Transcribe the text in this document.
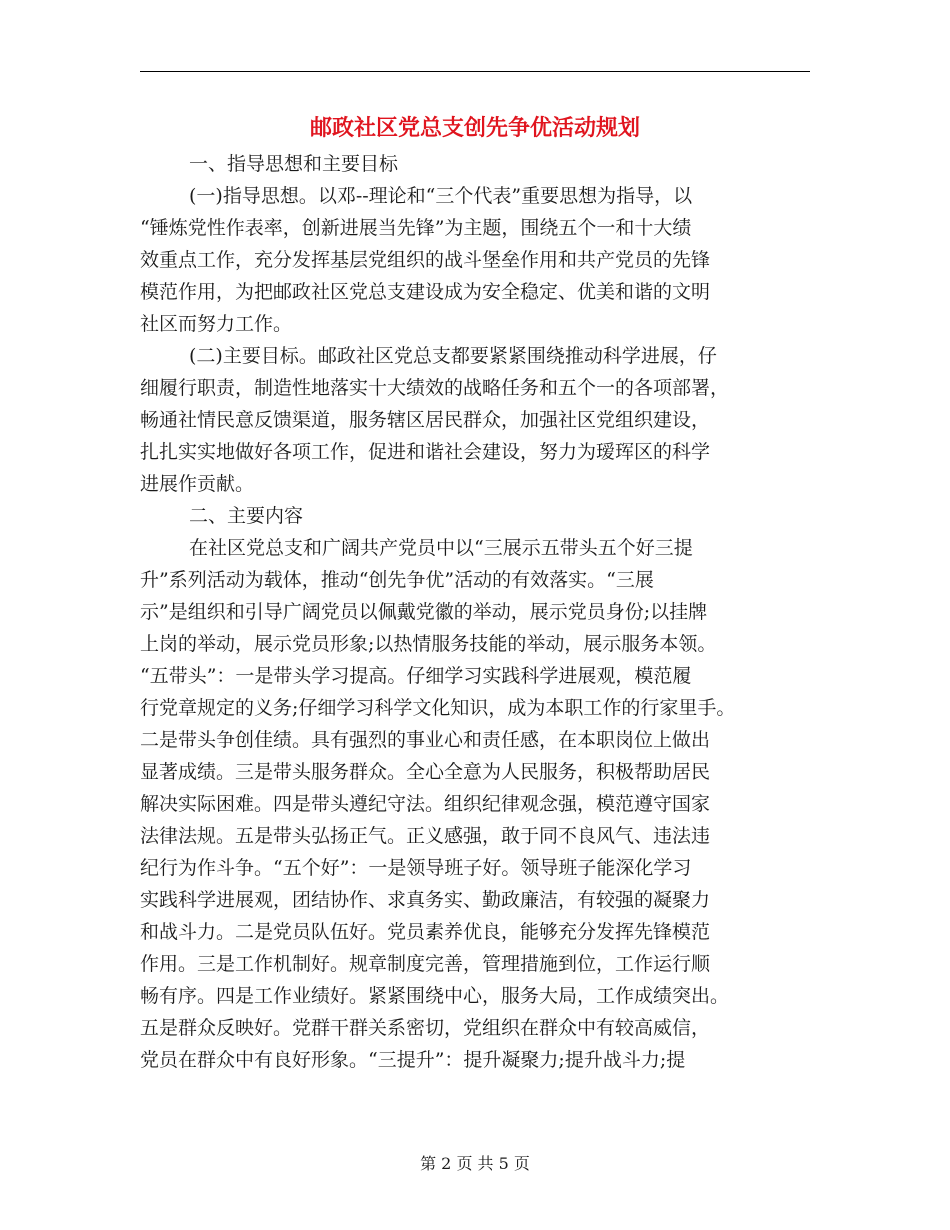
邮政社区党总支创先争优活动规划
一、指导思想和主要目标
(一)指导思想。以邓--理论和“三个代表”重要思想为指导，以
“锤炼党性作表率，创新进展当先锋”为主题，围绕五个一和十大绩
效重点工作，充分发挥基层党组织的战斗堡垒作用和共产党员的先锋
模范作用，为把邮政社区党总支建设成为安全稳定、优美和谐的文明
社区而努力工作。
(二)主要目标。邮政社区党总支都要紧紧围绕推动科学进展，仔
细履行职责，制造性地落实十大绩效的战略任务和五个一的各项部署，
畅通社情民意反馈渠道，服务辖区居民群众，加强社区党组织建设，
扎扎实实地做好各项工作，促进和谐社会建设，努力为瑷珲区的科学
进展作贡献。
二、主要内容
在社区党总支和广阔共产党员中以“三展示五带头五个好三提
升”系列活动为载体，推动“创先争优”活动的有效落实。“三展
示”是组织和引导广阔党员以佩戴党徽的举动，展示党员身份;以挂牌
上岗的举动，展示党员形象;以热情服务技能的举动，展示服务本领。
“五带头”：一是带头学习提高。仔细学习实践科学进展观，模范履
行党章规定的义务;仔细学习科学文化知识，成为本职工作的行家里手。
二是带头争创佳绩。具有强烈的事业心和责任感，在本职岗位上做出
显著成绩。三是带头服务群众。全心全意为人民服务，积极帮助居民
解决实际困难。四是带头遵纪守法。组织纪律观念强，模范遵守国家
法律法规。五是带头弘扬正气。正义感强，敢于同不良风气、违法违
纪行为作斗争。“五个好”：一是领导班子好。领导班子能深化学习
实践科学进展观，团结协作、求真务实、勤政廉洁，有较强的凝聚力
和战斗力。二是党员队伍好。党员素养优良，能够充分发挥先锋模范
作用。三是工作机制好。规章制度完善，管理措施到位，工作运行顺
畅有序。四是工作业绩好。紧紧围绕中心，服务大局，工作成绩突出。
五是群众反映好。党群干群关系密切，党组织在群众中有较高威信，
党员在群众中有良好形象。“三提升”：提升凝聚力;提升战斗力;提
第 2 页 共 5 页
